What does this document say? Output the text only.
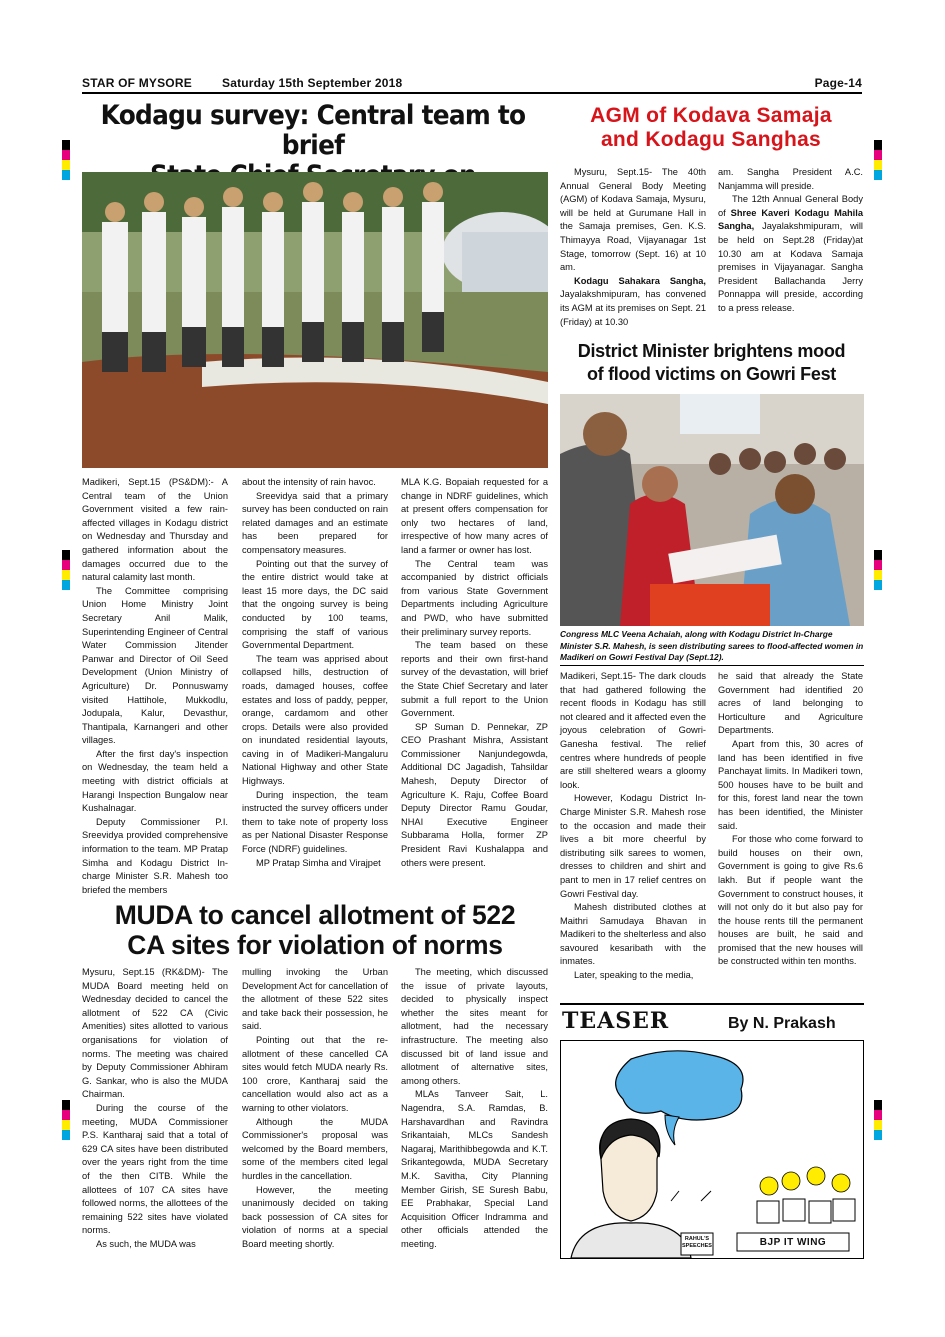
STAR OF MYSORE	Saturday 15th September 2018	Page-14
Kodagu survey: Central team to brief

Madikeri, Sept.15 (PS&DM):- A Central team of the Union Government visited a few rain-affected villages in Kodagu district on Wednesday and Thursday and gathered information about the damages occurred due to the natural calamity last month.

The Committee comprising Union Home Ministry Joint Secretary Anil Malik, Superintending Engineer of Central Water Commission Jitender Panwar and Director of Oil Seed Development (Union Ministry of Agriculture) Dr. Ponnuswamy visited Hattihole, Mukkodlu, Jodupala, Kalur, Devasthur, Thantipala, Karnangeri and other villages.

After the first day's inspection on Wednesday, the team held a meeting with district officials at Harangi Inspection Bungalow near Kushalnagar.

Deputy Commissioner P.I. Sreevidya provided comprehensive information to the team. MP Pratap Simha and Kodagu District In-charge Minister S.R. Mahesh too briefed the members

about the intensity of rain havoc.

Sreevidya said that a primary survey has been conducted on rain related damages and an estimate has been prepared for compensatory measures.

Pointing out that the survey of the entire district would take at least 15 more days, the DC said that the ongoing survey is being conducted by 100 teams, comprising the staff of various Governmental Department.

The team was apprised about collapsed hills, destruction of roads, damaged houses, coffee estates and loss of paddy, pepper, orange, cardamom and other crops. Details were also provided on inundated residential layouts, caving in of Madikeri-Mangaluru National Highway and other State Highways.

During inspection, the team instructed the survey officers under them to take note of property loss as per National Disaster Response Force (NDRF) guidelines.

MP Pratap Simha and Virajpet

MLA K.G. Bopaiah requested for a change in NDRF guidelines, which at present offers compensation for only two hectares of land, irrespective of how many acres of land a farmer or owner has lost.

The Central team was accompanied by district officials from various State Government Departments including Agriculture and PWD, who have submitted their preliminary survey reports.

The team based on these reports and their own first-hand survey of the devastation, will brief the State Chief Secretary and later submit a full report to the Union Government.

SP Suman D. Pennekar, ZP CEO Prashant Mishra, Assistant Commissioner Nanjundegowda, Additional DC Jagadish, Tahsildar Mahesh, Deputy Director of Agriculture K. Raju, Coffee Board Deputy Director Ramu Goudar, NHAI Executive Engineer Subbarama Holla, former ZP President Ravi Kushalappa and others were present.

AGM of Kodava Samaja
and Kodagu Sanghas

Mysuru, Sept.15- The 40th Annual General Body Meeting (AGM) of Kodava Samaja, Mysuru, will be held at Gurumane Hall in the Samaja premises, Gen. K.S. Thimayya Road, Vijayanagar 1st Stage, tomorrow (Sept. 16) at 10 am.

Kodagu Sahakara Sangha, Jayalakshmipuram, has convened its AGM at its premises on Sept. 21 (Friday) at 10.30

am. Sangha President A.C. Nanjamma will preside.

The 12th Annual General Body of Shree Kaveri Kodagu Mahila Sangha, Jayalakshmipuram, will be held on Sept.28 (Friday)at 10.30 am at Kodava Samaja premises in Vijayanagar. Sangha President Ballachanda Jerry Ponnappa will preside, according to a press release.

District Minister brightens mood
of flood victims on Gowri Fest
Congress MLC Veena Achaiah, along with Kodagu District In-Charge Minister S.R. Mahesh, is seen distributing sarees to flood-affected women in Madikeri on Gowri Festival Day (Sept.12).

Madikeri, Sept.15- The dark clouds that had gathered following the recent floods in Kodagu has still not cleared and it affected even the joyous celebration of Gowri-Ganesha festival. The relief centres where hundreds of people are still sheltered wears a gloomy look.

However, Kodagu District In-Charge Minister S.R. Mahesh rose to the occasion and made their lives a bit more cheerful by distributing silk sarees to women, dresses to children and shirt and pant to men in 17 relief centres on Gowri Festival day.

Mahesh distributed clothes at Maithri Samudaya Bhavan in Madikeri to the shelterless and also savoured kesaribath with the inmates.

Later, speaking to the media,

he said that already the State Government had identified 20 acres of land belonging to Horticulture and Agriculture Departments.

Apart from this, 30 acres of land has been identified in five Panchayat limits. In Madikeri town, 500 houses have to be built and for this, forest land near the town has been identified, the Minister said.

For those who come forward to build houses on their own, Government is going to give Rs.6 lakh. But if people want the Government to construct houses, it will not only do it but also pay for the house rents till the permanent houses are built, he said and promised that the new houses will be constructed within ten months.

MUDA to cancel allotment of 522
CA sites for violation of norms

Mysuru, Sept.15 (RK&DM)- The MUDA Board meeting held on Wednesday decided to cancel the allotment of 522 CA (Civic Amenities) sites allotted to various organisations for violation of norms. The meeting was chaired by Deputy Commissioner Abhiram G. Sankar, who is also the MUDA Chairman.

During the course of the meeting, MUDA Commissioner P.S. Kantharaj said that a total of 629 CA sites have been distributed over the years right from the time of the then CITB. While the allottees of 107 CA sites have followed norms, the allottees of the remaining 522 sites have violated norms.

As such, the MUDA was

mulling invoking the Urban Development Act for cancellation of the allotment of these 522 sites and take back their possession, he said.

Pointing out that the re-allotment of these cancelled CA sites would fetch MUDA nearly Rs. 100 crore, Kantharaj said the cancellation would also act as a warning to other violators.

Although the MUDA Commissioner's proposal was welcomed by the Board members, some of the members cited legal hurdles in the cancellation.

However, the meeting unanimously decided on taking back possession of CA sites for violation of norms at a special Board meeting shortly.

The meeting, which discussed the issue of private layouts, decided to physically inspect whether the sites meant for allotment, had the necessary infrastructure. The meeting also discussed bit of land issue and allotment of alternative sites, among others.

MLAs Tanveer Sait, L. Nagendra, S.A. Ramdas, B. Harshavardhan and Ravindra Srikantaiah, MLCs Sandesh Nagaraj, Marithibbegowda and K.T. Srikantegowda, MUDA Secretary M.K. Savitha, City Planning Member Girish, SE Suresh Babu, EE Prabhakar, Special Land Acquisition Officer Indramma and other officials attended the meeting.

TEASER	By N. Prakash
RAHUL'S SPEECHES	BJP IT WING
